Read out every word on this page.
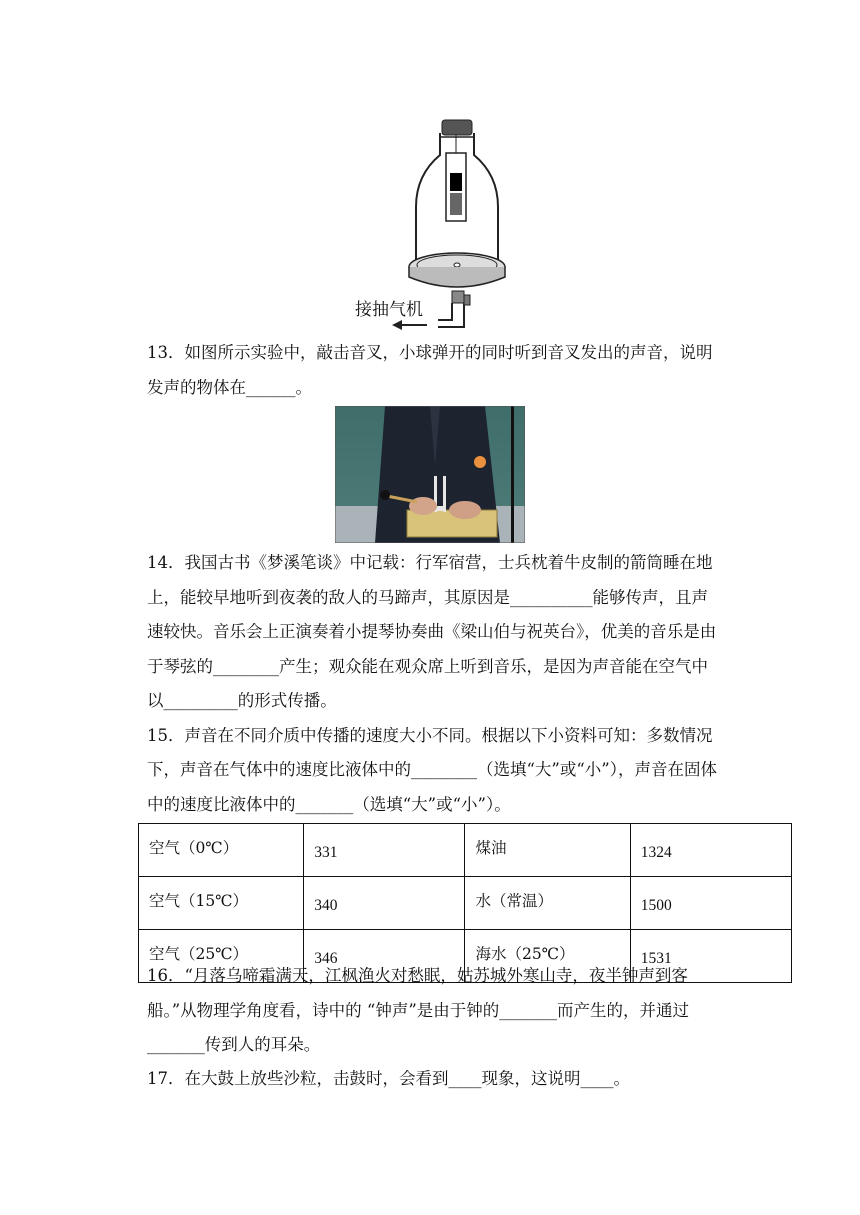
接抽气机
13．如图所示实验中，敲击音叉，小球弹开的同时听到音叉发出的声音，说明发声的物体在______。
14．我国古书《梦溪笔谈》中记载：行军宿营，士兵枕着牛皮制的箭筒睡在地上，能较早地听到夜袭的敌人的马蹄声，其原因是__________能够传声，且声速较快。音乐会上正演奏着小提琴协奏曲《梁山伯与祝英台》，优美的音乐是由于琴弦的________产生；观众能在观众席上听到音乐，是因为声音能在空气中以_________的形式传播。
15．声音在不同介质中传播的速度大小不同。根据以下小资料可知：多数情况下，声音在气体中的速度比液体中的________（选填“大”或“小”），声音在固体中的速度比液体中的_______（选填“大”或“小”）。
空气（0℃）	331	煤油	1324
空气（15℃）	340	水（常温）	1500
空气（25℃）	346	海水（25℃）	1531
16．“月落乌啼霜满天，江枫渔火对愁眠，姑苏城外寒山寺，夜半钟声到客船。”从物理学角度看，诗中的 “钟声”是由于钟的_______而产生的，并通过_______传到人的耳朵。
17．在大鼓上放些沙粒，击鼓时，会看到____现象，这说明____。
